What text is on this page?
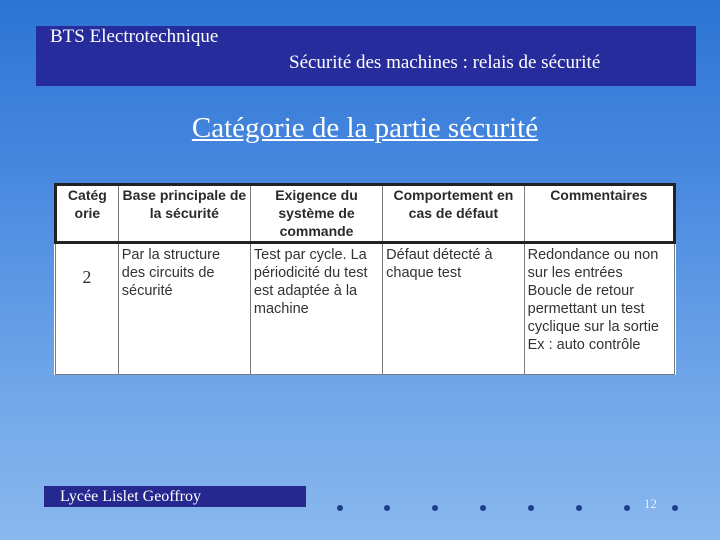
BTS Electrotechnique
Sécurité des machines : relais de sécurité
Catégorie de la partie sécurité
Catég orie	Base principale de la sécurité	Exigence du système de commande	Comportement en cas de défaut	Commentaires
2	Par la structure des circuits de sécurité	Test par cycle. La périodicité du test est adaptée à la machine	Défaut détecté à chaque test	Redondance ou non sur les entrées Boucle de retour permettant un test cyclique sur la sortie Ex : auto contrôle
Lycée Lislet Geoffroy	12
